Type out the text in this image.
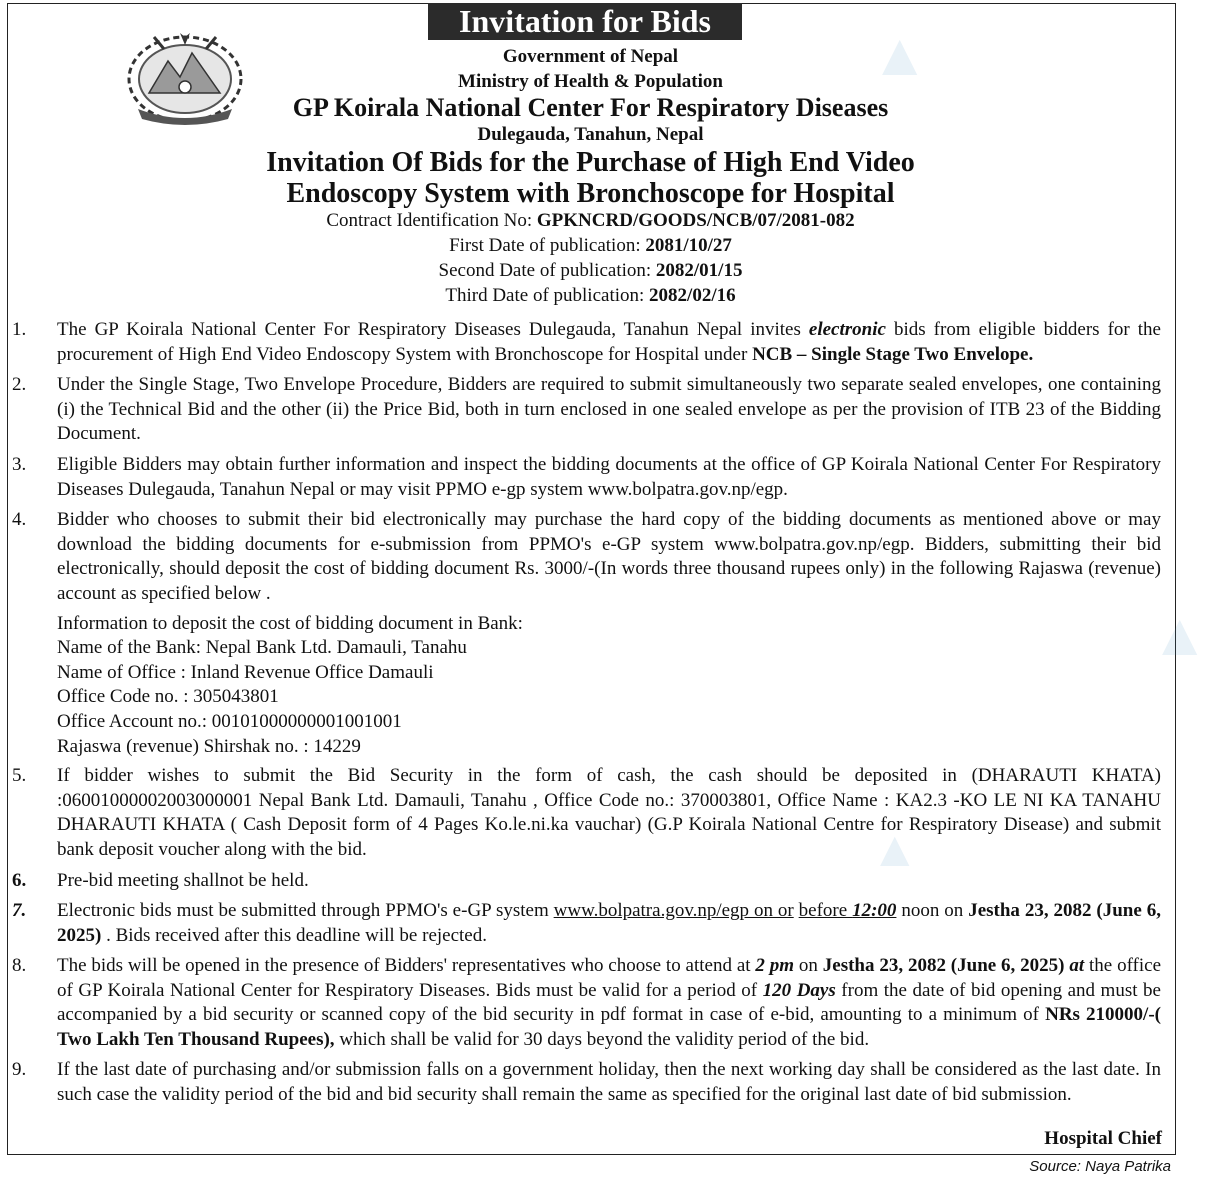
▲
▲
▲
Invitation for Bids
Government of Nepal
Ministry of Health & Population
GP Koirala National Center For Respiratory Diseases
Dulegauda, Tanahun, Nepal
Invitation Of Bids for the Purchase of High End Video
Endoscopy System with Bronchoscope for Hospital
Contract Identification No: GPKNCRD/GOODS/NCB/07/2081-082
First Date of publication: 2081/10/27
Second Date of publication: 2082/01/15
Third Date of publication: 2082/02/16
1. The GP Koirala National Center For Respiratory Diseases Dulegauda, Tanahun Nepal invites electronic bids from eligible bidders for the procurement of High End Video Endoscopy System with Bronchoscope for Hospital under NCB – Single Stage Two Envelope.
2. Under the Single Stage, Two Envelope Procedure, Bidders are required to submit simultaneously two separate sealed envelopes, one containing (i) the Technical Bid and the other (ii) the Price Bid, both in turn enclosed in one sealed envelope as per the provision of ITB 23 of the Bidding Document.
3. Eligible Bidders may obtain further information and inspect the bidding documents at the office of GP Koirala National Center For Respiratory Diseases Dulegauda, Tanahun Nepal or may visit PPMO e-gp system www.bolpatra.gov.np/egp.
4. Bidder who chooses to submit their bid electronically may purchase the hard copy of the bidding documents as mentioned above or may download the bidding documents for e-submission from PPMO's e-GP system www.bolpatra.gov.np/egp. Bidders, submitting their bid electronically, should deposit the cost of bidding document Rs. 3000/-(In words three thousand rupees only) in the following Rajaswa (revenue) account as specified below .
Information to deposit the cost of bidding document in Bank:
Name of the Bank: Nepal Bank Ltd. Damauli, Tanahu
Name of Office : Inland Revenue Office Damauli
Office Code no. : 305043801
Office Account no.: 00101000000001001001
Rajaswa (revenue) Shirshak no. : 14229
5. If bidder wishes to submit the Bid Security in the form of cash, the cash should be deposited in (DHARAUTI KHATA) :06001000002003000001 Nepal Bank Ltd. Damauli, Tanahu , Office Code no.: 370003801, Office Name : KA2.3 -KO LE NI KA TANAHU DHARAUTI KHATA ( Cash Deposit form of 4 Pages Ko.le.ni.ka vauchar) (G.P Koirala National Centre for Respiratory Disease) and submit bank deposit voucher along with the bid.
6. Pre-bid meeting shallnot be held.
7. Electronic bids must be submitted through PPMO's e-GP system www.bolpatra.gov.np/egp on or before 12:00 noon on Jestha 23, 2082 (June 6, 2025) . Bids received after this deadline will be rejected.
8. The bids will be opened in the presence of Bidders' representatives who choose to attend at 2 pm on Jestha 23, 2082 (June 6, 2025) at the office of GP Koirala National Center for Respiratory Diseases. Bids must be valid for a period of 120 Days from the date of bid opening and must be accompanied by a bid security or scanned copy of the bid security in pdf format in case of e-bid, amounting to a minimum of NRs 210000/-( Two Lakh Ten Thousand Rupees), which shall be valid for 30 days beyond the validity period of the bid.
9. If the last date of purchasing and/or submission falls on a government holiday, then the next working day shall be considered as the last date. In such case the validity period of the bid and bid security shall remain the same as specified for the original last date of bid submission.
Hospital Chief
Source: Naya Patrika
